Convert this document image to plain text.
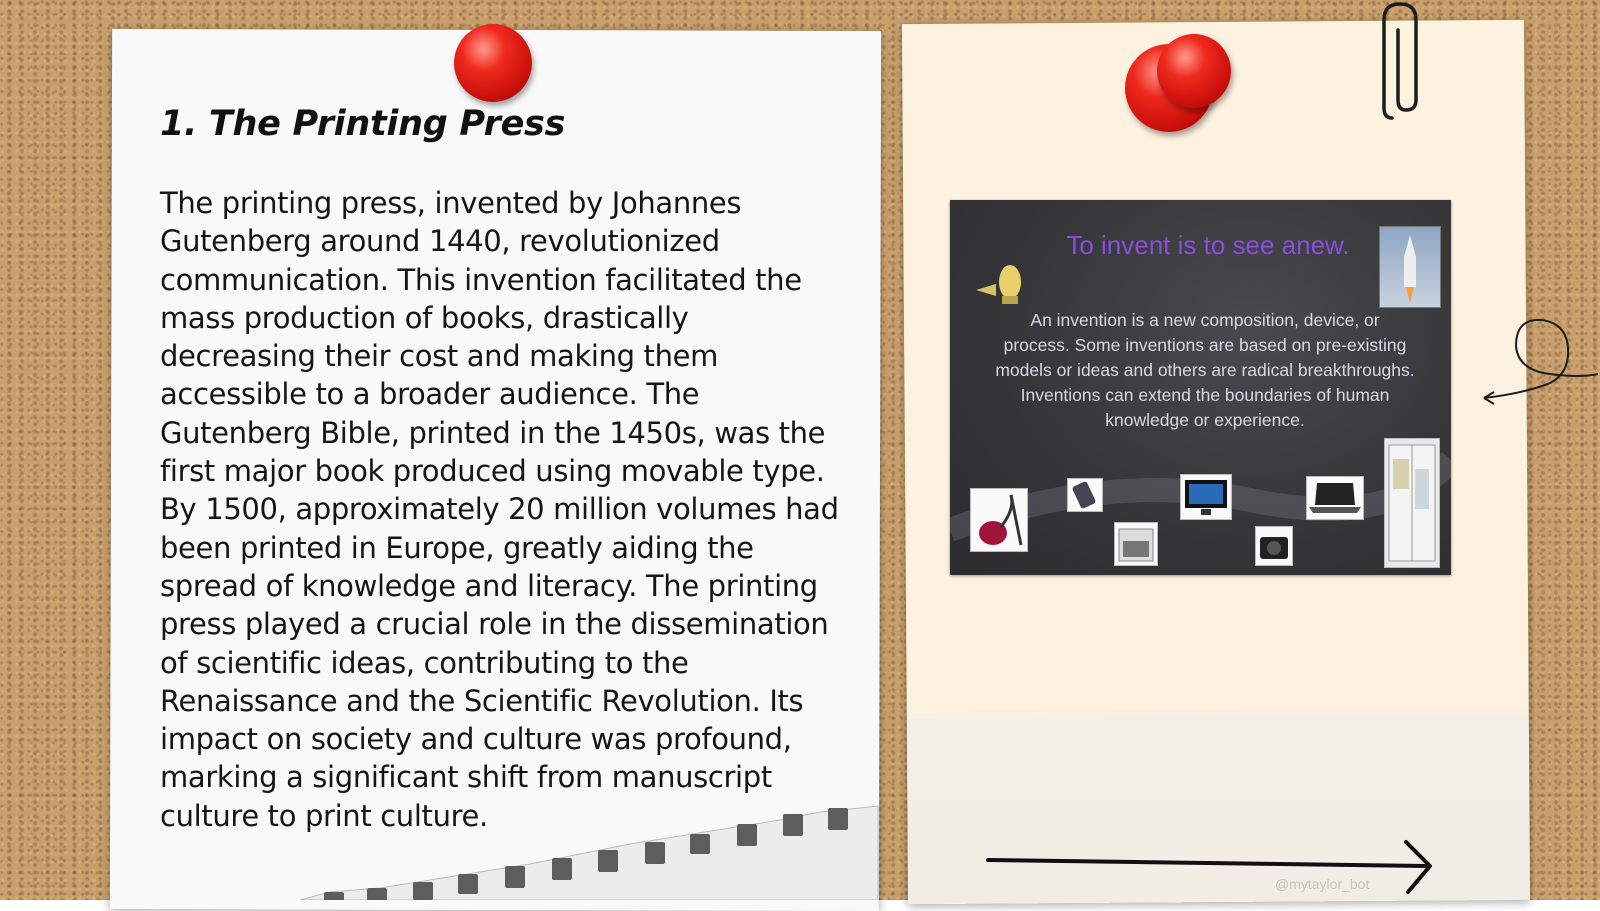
1. The Printing Press

The printing press, invented by Johannes Gutenberg around 1440, revolutionized communication. This invention facilitated the mass production of books, drastically decreasing their cost and making them accessible to a broader audience. The Gutenberg Bible, printed in the 1450s, was the first major book produced using movable type. By 1500, approximately 20 million volumes had been printed in Europe, greatly aiding the spread of knowledge and literacy. The printing press played a crucial role in the dissemination of scientific ideas, contributing to the Renaissance and the Scientific Revolution. Its impact on society and culture was profound, marking a significant shift from manuscript culture to print culture.

To invent is to see anew.
An invention is a new composition, device, or process. Some inventions are based on pre-existing models or ideas and others are radical breakthroughs. Inventions can extend the boundaries of human knowledge or experience.
@mytaylor_bot
